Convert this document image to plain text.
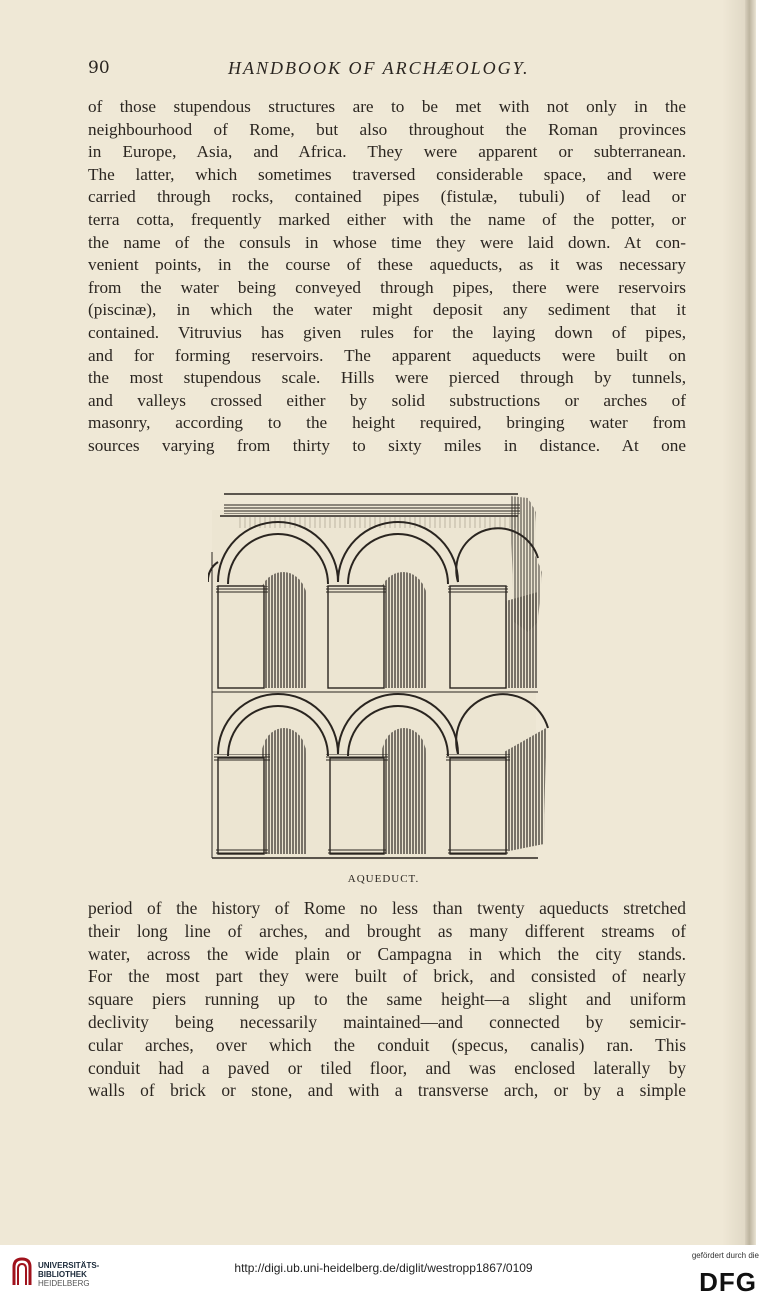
90	HANDBOOK OF ARCHÆOLOGY.

of those stupendous structures are to be met with not only in the
neighbourhood of Rome, but also throughout the Roman provinces
in Europe, Asia, and Africa. They were apparent or subterranean.
The latter, which sometimes traversed considerable space, and were
carried through rocks, contained pipes (fistulæ, tubuli) of lead or
terra cotta, frequently marked either with the name of the potter, or
the name of the consuls in whose time they were laid down. At con-
venient points, in the course of these aqueducts, as it was necessary
from the water being conveyed through pipes, there were reservoirs
(piscinæ), in which the water might deposit any sediment that it
contained. Vitruvius has given rules for the laying down of pipes,
and for forming reservoirs. The apparent aqueducts were built on
the most stupendous scale. Hills were pierced through by tunnels,
and valleys crossed either by solid substructions or arches of
masonry, according to the height required, bringing water from
sources varying from thirty to sixty miles in distance. At one

AQUEDUCT.

period of the history of Rome no less than twenty aqueducts stretched
their long line of arches, and brought as many different streams of
water, across the wide plain or Campagna in which the city stands.
For the most part they were built of brick, and consisted of nearly
square piers running up to the same height—a slight and uniform
declivity being necessarily maintained—and connected by semicir-
cular arches, over which the conduit (specus, canalis) ran. This
conduit had a paved or tiled floor, and was enclosed laterally by
walls of brick or stone, and with a transverse arch, or by a simple

UNIVERSITÄTS-
BIBLIOTHEK
HEIDELBERG
http://digi.ub.uni-heidelberg.de/diglit/westropp1867/0109
gefördert durch die
DFG
